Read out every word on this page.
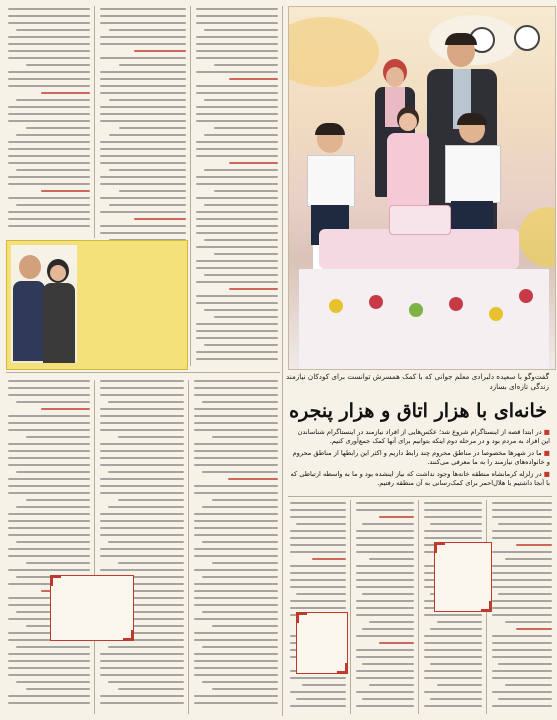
گفت‌وگو با سعیده دلبرادی معلم جوانی که با کمک همسرش توانست برای کودکان نیازمند زندگی تازه‌ای بسازد
خانه‌ای با هزار اتاق و هزار پنجره

■ در ابتدا قصه از اینستاگرام شروع شد؛ عکس‌هایی از افراد نیازمند در اینستاگرام شناساندن این افراد به مردم بود و در مرحله دوم اینکه بتوانیم برای آنها کمک جمع‌آوری کنیم.

■ ما در شهرها مخصوصا در مناطق محروم چند رابط داریم و اکثر این رابطها از مناطق محروم و خانواده‌های نیازمند را به ما معرفی می‌کنند.

■ در زلزله کرمانشاه منطقه خانه‌ها وجود نداشت که نیاز اینشده بود و ما به واسطه ارتباطی که با آنجا داشتیم با هلال‌احمر برای کمک‌رسانی به آن منطقه رفتیم.
